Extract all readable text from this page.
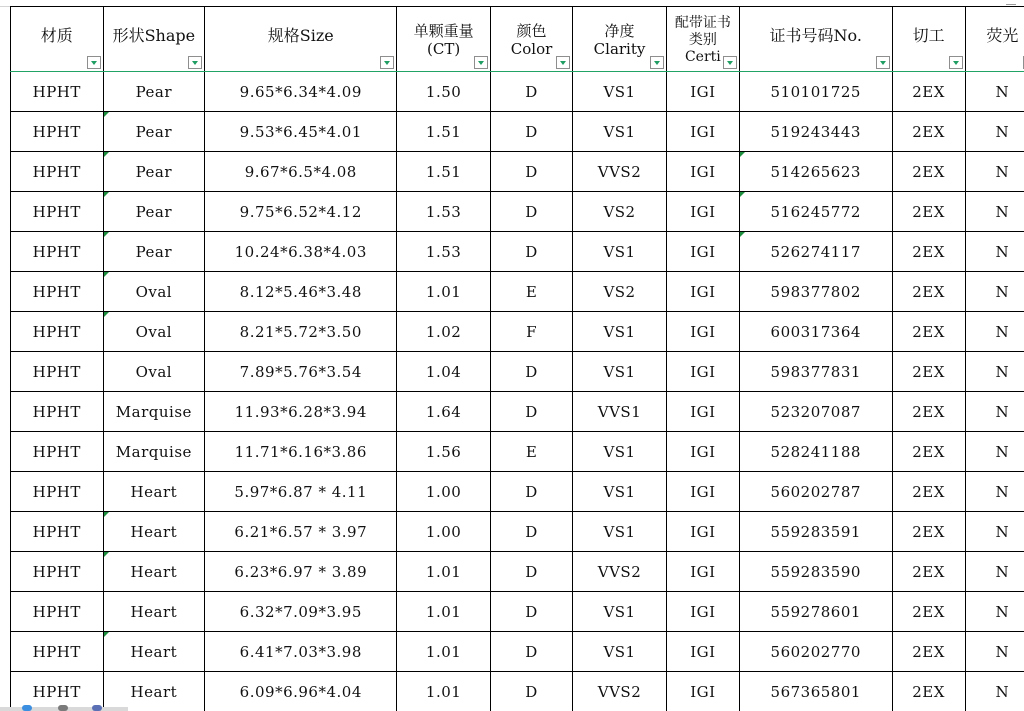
材质	形状Shape	规格Size	单颗重量 (CT)	颜色 Color	净度 Clarity	配带证书类别 Certi	证书号码No.	切工	荧光

HPHT	Pear	9.65*6.34*4.09	1.50	D	VS1	IGI	510101725	2EX	N
HPHT	Pear	9.53*6.45*4.01	1.51	D	VS1	IGI	519243443	2EX	N
HPHT	Pear	9.67*6.5*4.08	1.51	D	VVS2	IGI	514265623	2EX	N
HPHT	Pear	9.75*6.52*4.12	1.53	D	VS2	IGI	516245772	2EX	N
HPHT	Pear	10.24*6.38*4.03	1.53	D	VS1	IGI	526274117	2EX	N
HPHT	Oval	8.12*5.46*3.48	1.01	E	VS2	IGI	598377802	2EX	N
HPHT	Oval	8.21*5.72*3.50	1.02	F	VS1	IGI	600317364	2EX	N
HPHT	Oval	7.89*5.76*3.54	1.04	D	VS1	IGI	598377831	2EX	N
HPHT	Marquise	11.93*6.28*3.94	1.64	D	VVS1	IGI	523207087	2EX	N
HPHT	Marquise	11.71*6.16*3.86	1.56	E	VS1	IGI	528241188	2EX	N
HPHT	Heart	5.97*6.87 * 4.11	1.00	D	VS1	IGI	560202787	2EX	N
HPHT	Heart	6.21*6.57 * 3.97	1.00	D	VS1	IGI	559283591	2EX	N
HPHT	Heart	6.23*6.97 * 3.89	1.01	D	VVS2	IGI	559283590	2EX	N
HPHT	Heart	6.32*7.09*3.95	1.01	D	VS1	IGI	559278601	2EX	N
HPHT	Heart	6.41*7.03*3.98	1.01	D	VS1	IGI	560202770	2EX	N
HPHT	Heart	6.09*6.96*4.04	1.01	D	VVS2	IGI	567365801	2EX	N
